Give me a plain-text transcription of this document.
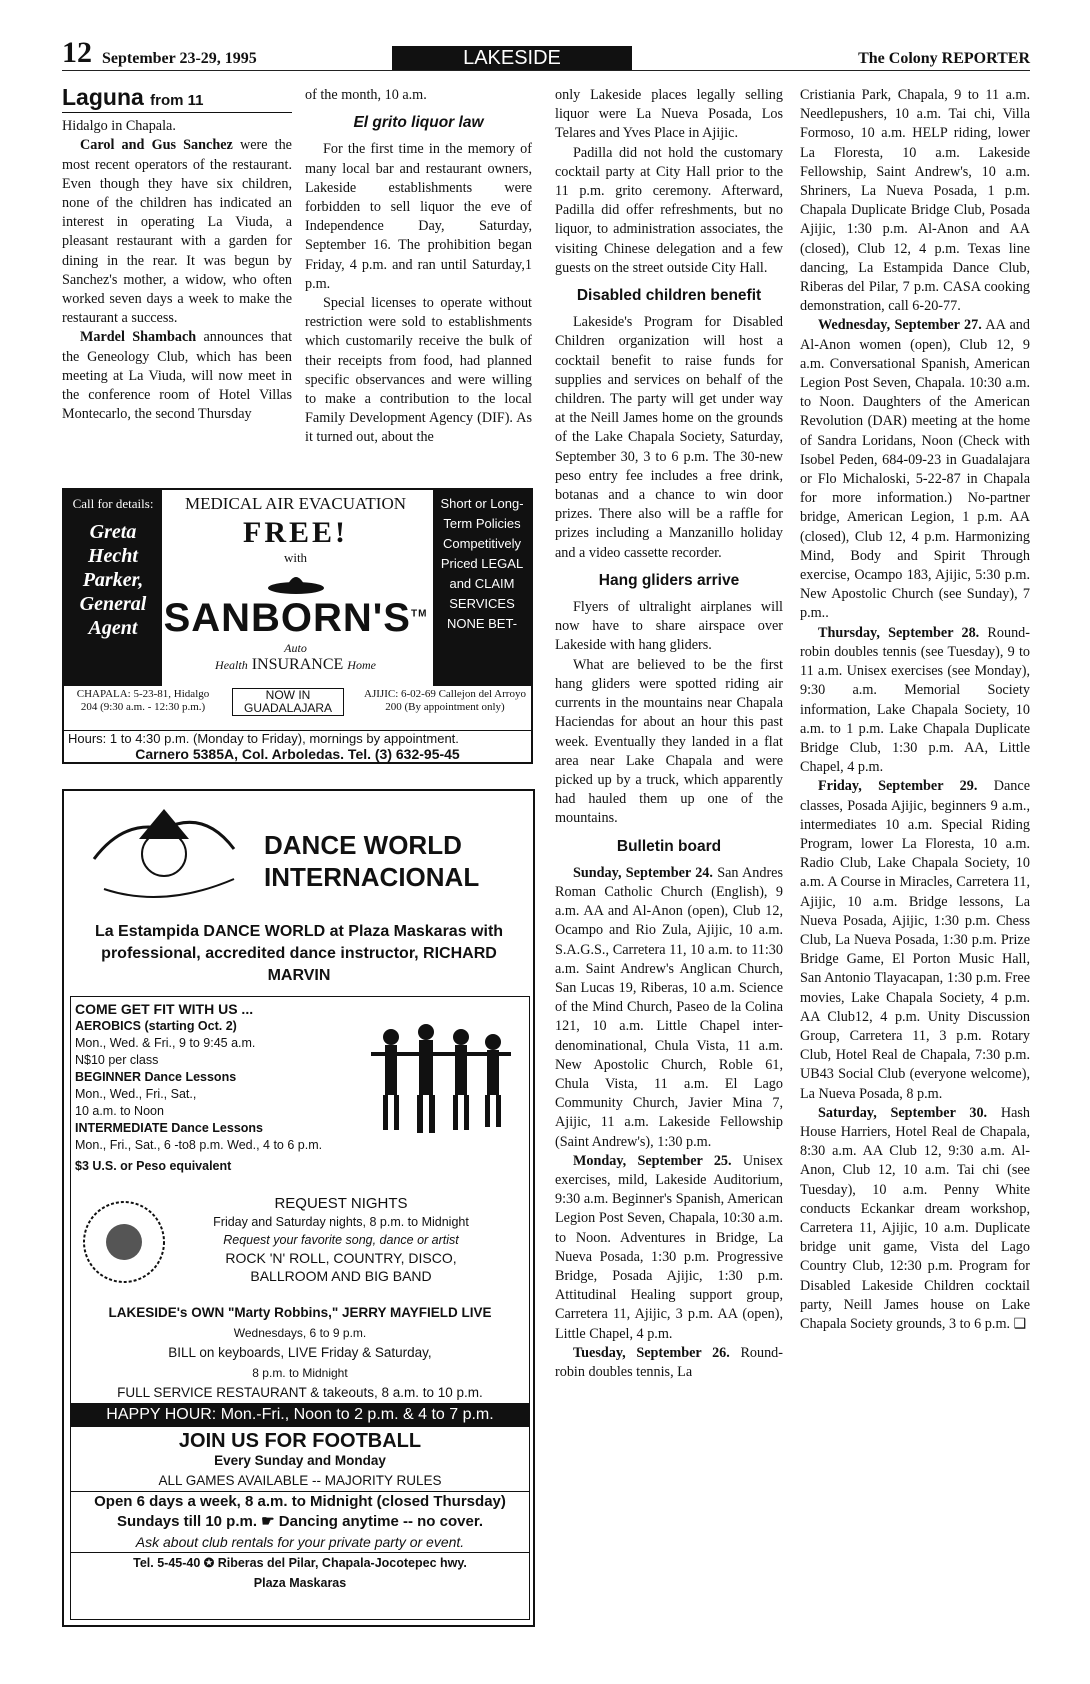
12 September 23-29, 1995	LAKESIDE	The Colony REPORTER
Laguna from 11

Hidalgo in Chapala.

Carol and Gus Sanchez were the most recent operators of the restaurant. Even though they have six children, none of the children has indicated an interest in operating La Viuda, a pleasant restaurant with a garden for dining in the rear. It was begun by Sanchez's mother, a widow, who often worked seven days a week to make the restaurant a success.

Mardel Shambach announces that the Geneology Club, which has been meeting at La Viuda, will now meet in the conference room of Hotel Villas Montecarlo, the second Thursday

of the month, 10 a.m.

El grito liquor law

For the first time in the memory of many local bar and restaurant owners, Lakeside establishments were forbidden to sell liquor the eve of Independence Day, Saturday, September 16. The prohibition began Friday, 4 p.m. and ran until Saturday,1 p.m.

Special licenses to operate without restriction were sold to establishments which customarily receive the bulk of their receipts from food, had planned specific observances and were willing to make a contribution to the local Family Development Agency (DIF). As it turned out, about the

Call for details:
Greta Hecht Parker, General Agent
MEDICAL AIR EVACUATION
FREE!
with
SANBORN'S™
Auto
Health INSURANCE Home
Short or Long-Term Policies Competitively Priced LEGAL and CLAIM SERVICES NONE BET-
CHAPALA: 5-23-81, Hidalgo 204 (9:30 a.m. - 12:30 p.m.)
NOW IN GUADALAJARA
AJIJIC: 6-02-69 Callejon del Arroyo 200 (By appointment only)
Hours: 1 to 4:30 p.m. (Monday to Friday), mornings by appointment.
Carnero 5385A, Col. Arboledas. Tel. (3) 632-95-45
DANCE WORLD
INTERNACIONAL
La Estampida DANCE WORLD at Plaza Maskaras with professional, accredited dance instructor, RICHARD MARVIN
COME GET FIT WITH US ...
AEROBICS (starting Oct. 2)
Mon., Wed. & Fri., 9 to 9:45 a.m.
N$10 per class
BEGINNER Dance Lessons
Mon., Wed., Fri., Sat.,
10 a.m. to Noon
INTERMEDIATE Dance Lessons
Mon., Fri., Sat., 6 -to8 p.m. Wed., 4 to 6 p.m.
$3 U.S. or Peso equivalent
REQUEST NIGHTS
Friday and Saturday nights, 8 p.m. to Midnight
Request your favorite song, dance or artist
ROCK 'N' ROLL, COUNTRY, DISCO,
BALLROOM AND BIG BAND
LAKESIDE's OWN "Marty Robbins," JERRY MAYFIELD LIVE
Wednesdays, 6 to 9 p.m.
BILL on keyboards, LIVE Friday & Saturday,
8 p.m. to Midnight
FULL SERVICE RESTAURANT & takeouts, 8 a.m. to 10 p.m.
HAPPY HOUR: Mon.-Fri., Noon to 2 p.m. & 4 to 7 p.m.
JOIN US FOR FOOTBALL
Every Sunday and Monday
ALL GAMES AVAILABLE -- MAJORITY RULES
Open 6 days a week, 8 a.m. to Midnight (closed Thursday)
Sundays till 10 p.m. ☛ Dancing anytime -- no cover.
Ask about club rentals for your private party or event.
Tel. 5-45-40 ✪ Riberas del Pilar, Chapala-Jocotepec hwy.
Plaza Maskaras

only Lakeside places legally selling liquor were La Nueva Posada, Los Telares and Yves Place in Ajijic.

Padilla did not hold the customary cocktail party at City Hall prior to the 11 p.m. grito ceremony. Afterward, Padilla did offer refreshments, but no liquor, to administration associates, the visiting Chinese delegation and a few guests on the street outside City Hall.

Disabled children benefit

Lakeside's Program for Disabled Children organization will host a cocktail benefit to raise funds for supplies and services on behalf of the children. The party will get under way at the Neill James home on the grounds of the Lake Chapala Society, Saturday, September 30, 3 to 6 p.m. The 30-new peso entry fee includes a free drink, botanas and a chance to win door prizes. There also will be a raffle for prizes including a Manzanillo holiday and a video cassette recorder.

Hang gliders arrive

Flyers of ultralight airplanes will now have to share airspace over Lakeside with hang gliders.

What are believed to be the first hang gliders were spotted riding air currents in the mountains near Chapala Haciendas for about an hour this past week. Eventually they landed in a flat area near Lake Chapala and were picked up by a truck, which apparently had hauled them up one of the mountains.

Bulletin board

Sunday, September 24. San Andres Roman Catholic Church (English), 9 a.m. AA and Al-Anon (open), Club 12, Ocampo and Rio Zula, Ajijic, 10 a.m. S.A.G.S., Carretera 11, 10 a.m. to 11:30 a.m. Saint Andrew's Anglican Church, San Lucas 19, Riberas, 10 a.m. Science of the Mind Church, Paseo de la Colina 121, 10 a.m. Little Chapel inter-denominational, Chula Vista, 11 a.m. New Apostolic Church, Roble 61, Chula Vista, 11 a.m. El Lago Community Church, Javier Mina 7, Ajijic, 11 a.m. Lakeside Fellowship (Saint Andrew's), 1:30 p.m.

Monday, September 25. Unisex exercises, mild, Lakeside Auditorium, 9:30 a.m. Beginner's Spanish, American Legion Post Seven, Chapala, 10:30 a.m. to Noon. Adventures in Bridge, La Nueva Posada, 1:30 p.m. Progressive Bridge, Posada Ajijic, 1:30 p.m. Attitudinal Healing support group, Carretera 11, Ajijic, 3 p.m. AA (open), Little Chapel, 4 p.m.

Tuesday, September 26. Round-robin doubles tennis, La

Cristiania Park, Chapala, 9 to 11 a.m. Needlepushers, 10 a.m. Tai chi, Villa Formoso, 10 a.m. HELP riding, lower La Floresta, 10 a.m. Lakeside Fellowship, Saint Andrew's, 10 a.m. Shriners, La Nueva Posada, 1 p.m. Chapala Duplicate Bridge Club, Posada Ajijic, 1:30 p.m. Al-Anon and AA (closed), Club 12, 4 p.m. Texas line dancing, La Estampida Dance Club, Riberas del Pilar, 7 p.m. CASA cooking demonstration, call 6-20-77.

Wednesday, September 27. AA and Al-Anon women (open), Club 12, 9 a.m. Conversational Spanish, American Legion Post Seven, Chapala. 10:30 a.m. to Noon. Daughters of the American Revolution (DAR) meeting at the home of Sandra Loridans, Noon (Check with Isobel Peden, 684-09-23 in Guadalajara or Flo Michaloski, 5-22-87 in Chapala for more information.) No-partner bridge, American Legion, 1 p.m. AA (closed), Club 12, 4 p.m. Harmonizing Mind, Body and Spirit Through exercise, Ocampo 183, Ajijic, 5:30 p.m. New Apostolic Church (see Sunday), 7 p.m..

Thursday, September 28. Round-robin doubles tennis (see Tuesday), 9 to 11 a.m. Unisex exercises (see Monday), 9:30 a.m. Memorial Society information, Lake Chapala Society, 10 a.m. to 1 p.m. Lake Chapala Duplicate Bridge Club, 1:30 p.m. AA, Little Chapel, 4 p.m.

Friday, September 29. Dance classes, Posada Ajijic, beginners 9 a.m., intermediates 10 a.m. Special Riding Program, lower La Floresta, 10 a.m. Radio Club, Lake Chapala Society, 10 a.m. A Course in Miracles, Carretera 11, Ajijic, 10 a.m. Bridge lessons, La Nueva Posada, Ajijic, 1:30 p.m. Chess Club, La Nueva Posada, 1:30 p.m. Prize Bridge Game, El Porton Music Hall, San Antonio Tlayacapan, 1:30 p.m. Free movies, Lake Chapala Society, 4 p.m. AA Club12, 4 p.m. Unity Discussion Group, Carretera 11, 3 p.m. Rotary Club, Hotel Real de Chapala, 7:30 p.m. UB43 Social Club (everyone welcome), La Nueva Posada, 8 p.m.

Saturday, September 30. Hash House Harriers, Hotel Real de Chapala, 8:30 a.m. AA Club 12, 9:30 a.m. Al-Anon, Club 12, 10 a.m. Tai chi (see Tuesday), 10 a.m. Penny White conducts Eckankar dream workshop, Carretera 11, Ajijic, 10 a.m. Duplicate bridge unit game, Vista del Lago Country Club, 12:30 p.m. Program for Disabled Lakeside Children cocktail party, Neill James house on Lake Chapala Society grounds, 3 to 6 p.m. ❑
